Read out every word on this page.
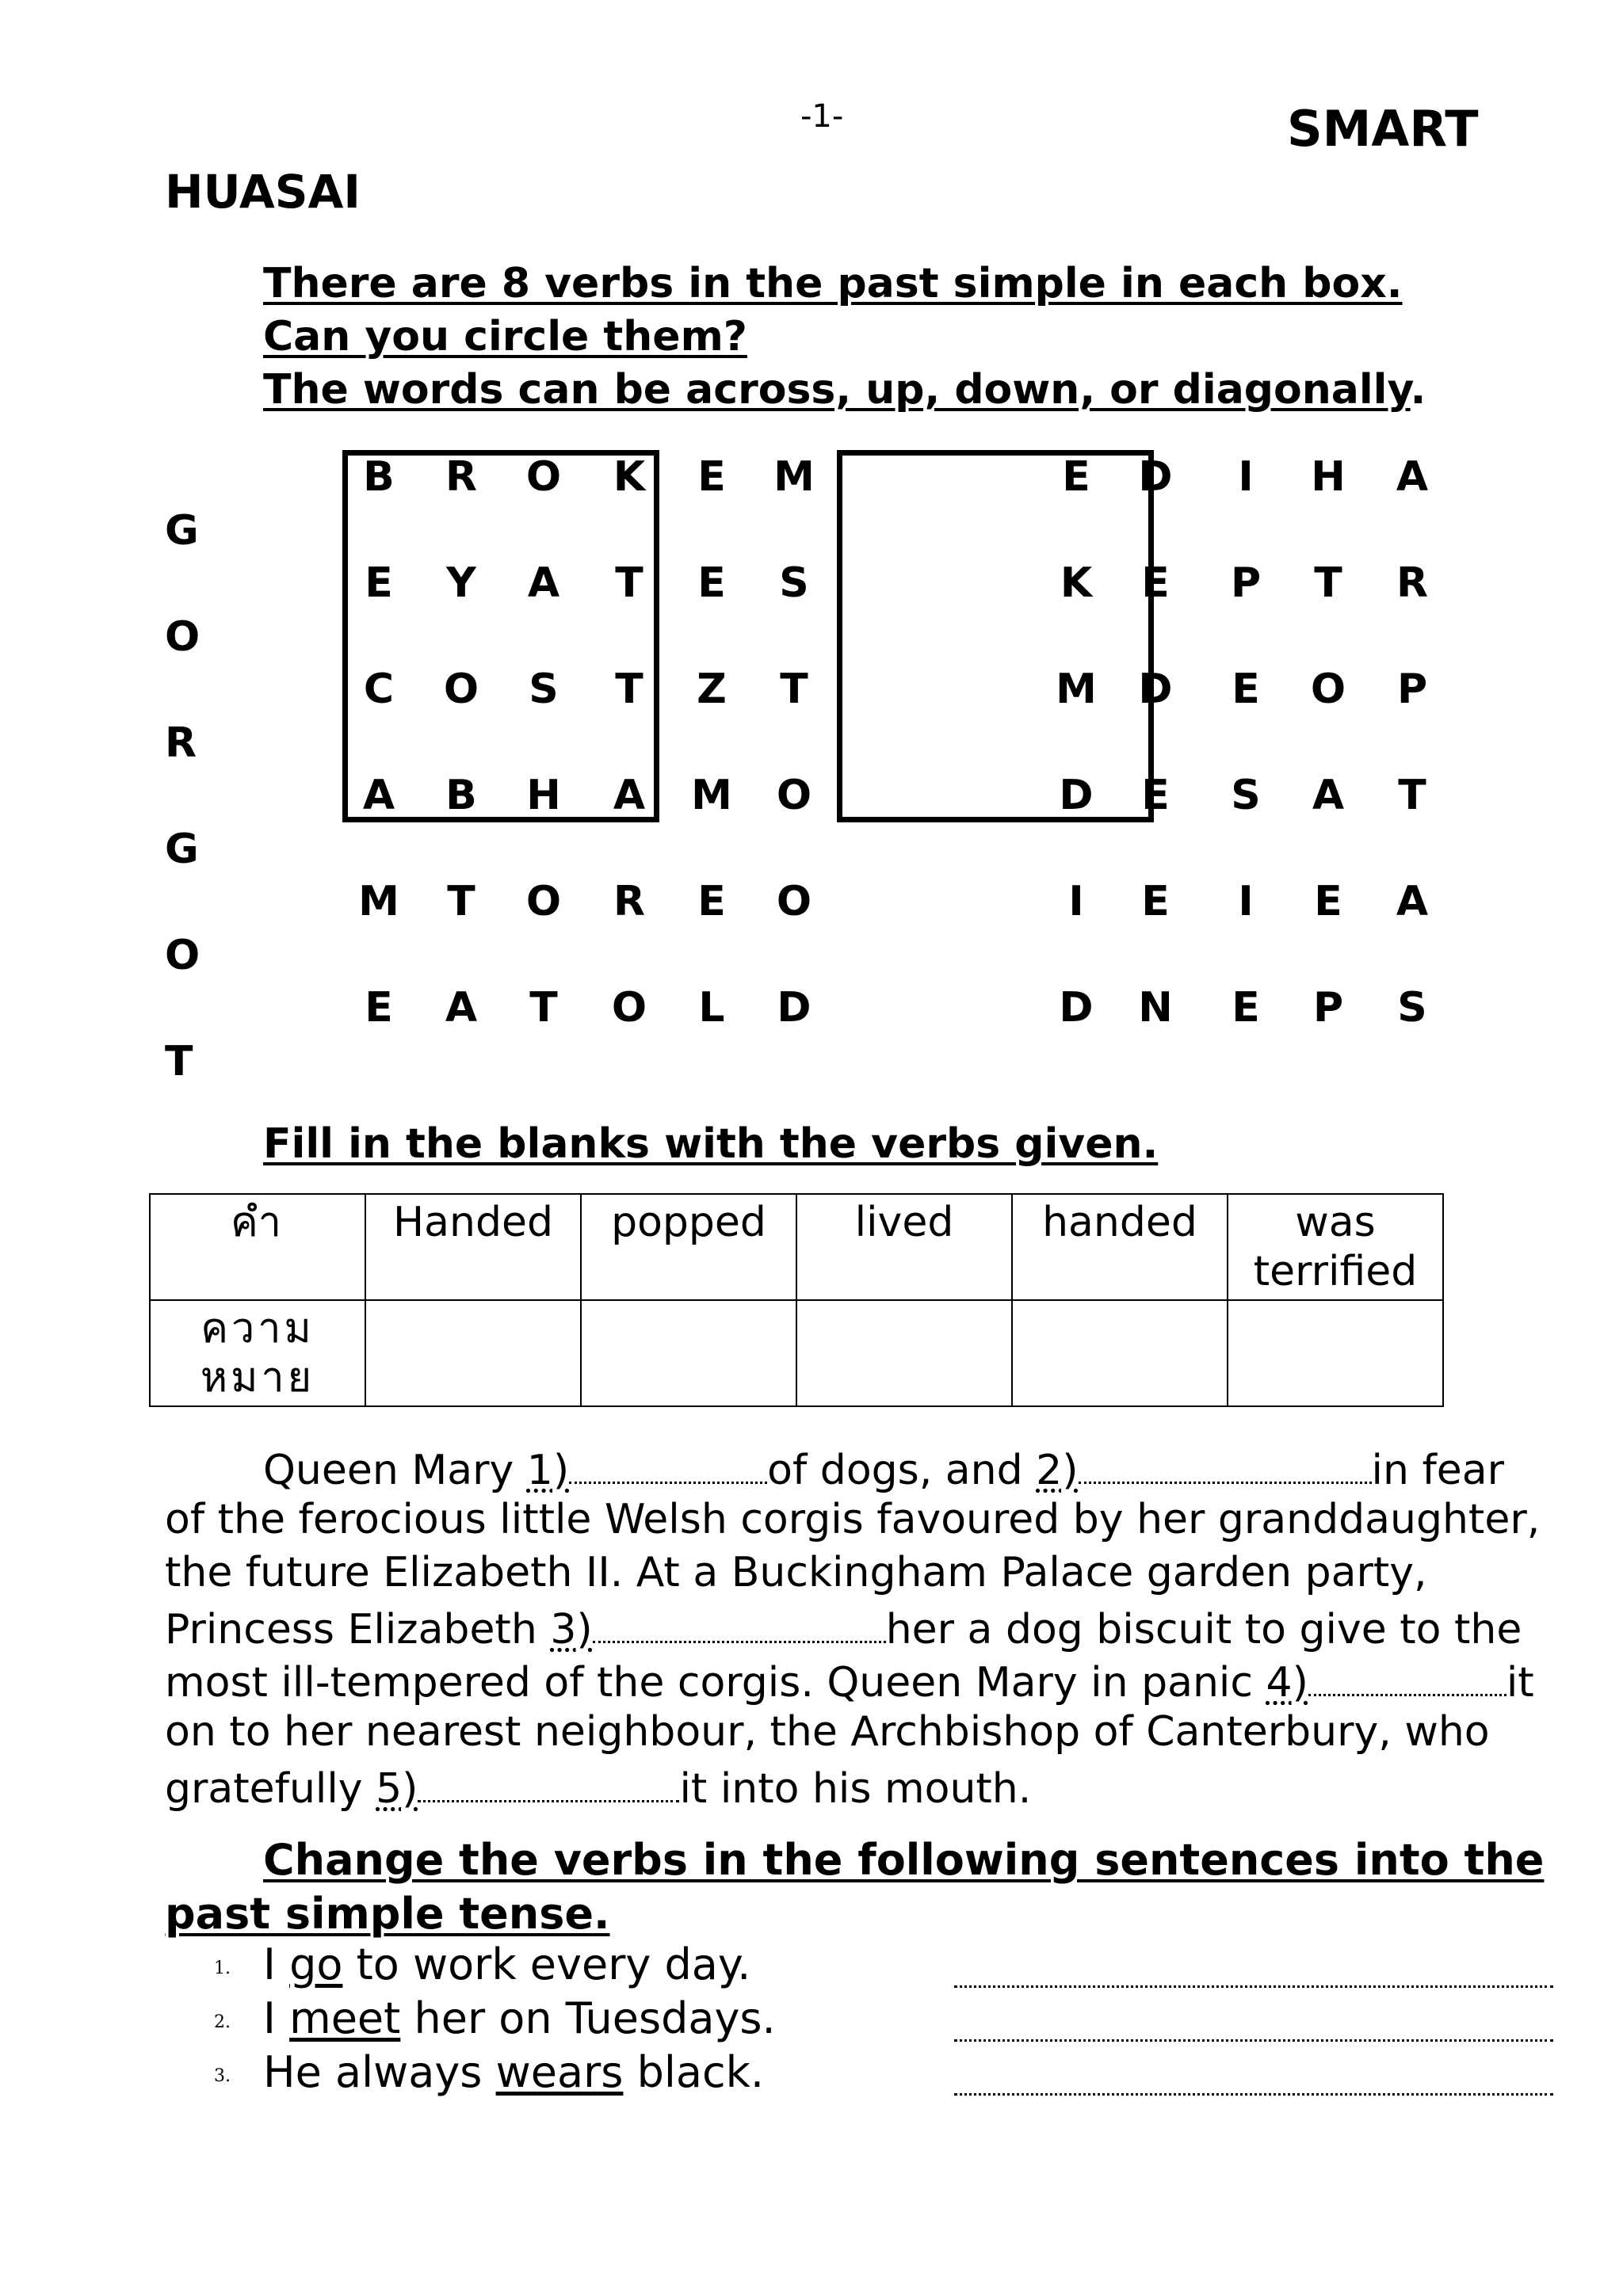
-1-	SMART
HUASAI
There are 8 verbs in the past simple in each box.
Can you circle them?
The words can be across, up, down, or diagonally.
G
O
R
G
O
T
B R O K E M
E Y A T E S
C O S T Z T
A B H A M O
M T O R E O
E A T O L D
E D	I	H A
K E P T R
M D E O P
D E S A T
I	E	I	E A
D N E P S
Fill in the blanks with the verbs given.
คำ	Handed	popped	lived	handed	was terrified
ความ หมาย					
Queen Mary 1)	of dogs, and 2)	in fear
of the ferocious little Welsh corgis favoured by her granddaughter,
the future Elizabeth II. At a Buckingham Palace garden party,
Princess Elizabeth 3)	her a dog biscuit to give to the
most ill-tempered of the corgis. Queen Mary in panic 4)	it
on to her nearest neighbour, the Archbishop of Canterbury, who
gratefully 5)	it into his mouth.
Change the verbs in the following sentences into the
past simple tense.
1. I go to work every day.
2. I meet her on Tuesdays.
3. He always wears black.
